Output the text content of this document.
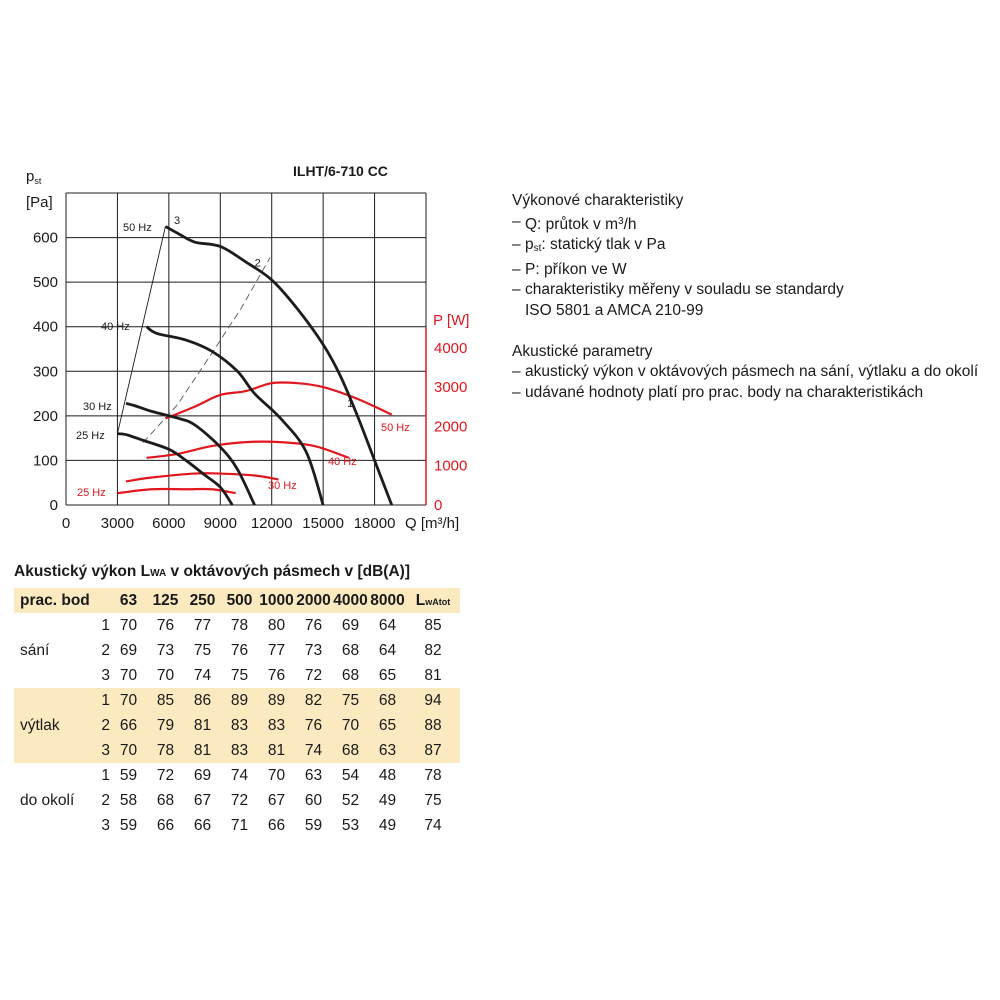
0 3000 6000 9000 12000 15000 18000
0
100
200
300
400
500
600
0
1000
2000
3000
4000
ILHT/6-710 CC
$p_{st}$
[Pa]
P [W]
Q [m³/h]
50 Hz
40 Hz
30 Hz
25 Hz
50 Hz
40 Hz
30 Hz
25 Hz
1
2
3
Výkonové charakteristiky
– Q: průtok v $m^3/h$
– $p_{st}$: statický tlak v Pa
– P: příkon ve W
– charakteristiky měřeny v souladu se standardy
ISO 5801 a AMCA 210-99
Akustické parametry
– akustický výkon v oktávových pásmech na sání, výtlaku a do okolí
– udávané hodnoty platí pro prac. body na charakteristikách
Akustický výkon LWA v oktávových pásmech v [dB(A)]
prac. bod		63	125	250	500	1000	2000	4000	8000	LwAtot
	1	70	76	77	78	80	76	69	64	85
sání	2	69	73	75	76	77	73	68	64	82
	3	70	70	74	75	76	72	68	65	81
	1	70	85	86	89	89	82	75	68	94
výtlak	2	66	79	81	83	83	76	70	65	88
	3	70	78	81	83	81	74	68	63	87
	1	59	72	69	74	70	63	54	48	78
do okolí	2	58	68	67	72	67	60	52	49	75
	3	59	66	66	71	66	59	53	49	74
